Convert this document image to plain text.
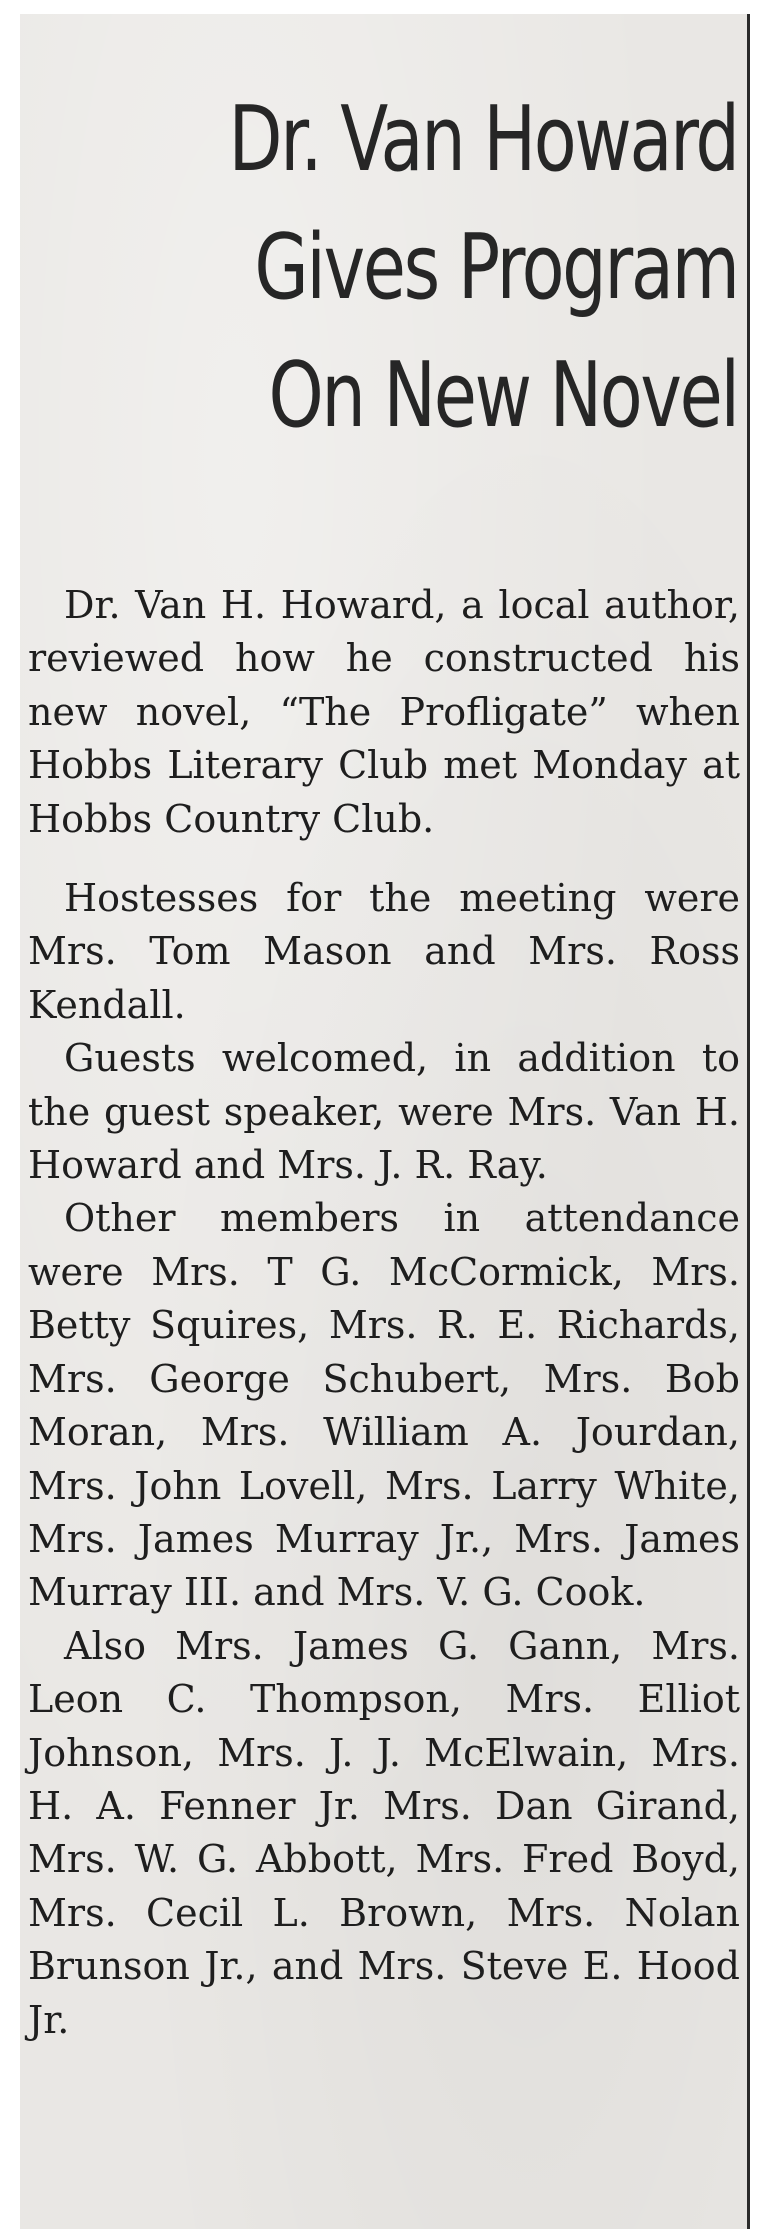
Dr. Van Howard
Gives Program
On New Novel

Dr. Van H. Howard, a local author, reviewed how he constructed his new novel, “The Profligate” when Hobbs Literary Club met Monday at Hobbs Country Club.

Hostesses for the meeting were Mrs. Tom Mason and Mrs. Ross Kendall.

Guests welcomed, in addition to the guest speaker, were Mrs. Van H. Howard and Mrs. J. R. Ray.

Other members in attendance were Mrs. T G. McCormick, Mrs. Betty Squires, Mrs. R. E. Richards, Mrs. George Schubert, Mrs. Bob Moran, Mrs. William A. Jourdan, Mrs. John Lovell, Mrs. Larry White, Mrs. James Murray Jr., Mrs. James Murray III. and Mrs. V. G. Cook.

Also Mrs. James G. Gann, Mrs. Leon C. Thompson, Mrs. Elliot Johnson, Mrs. J. J. McElwain, Mrs. H. A. Fenner Jr. Mrs. Dan Girand, Mrs. W. G. Abbott, Mrs. Fred Boyd, Mrs. Cecil L. Brown, Mrs. Nolan Brunson Jr., and Mrs. Steve E. Hood Jr.
